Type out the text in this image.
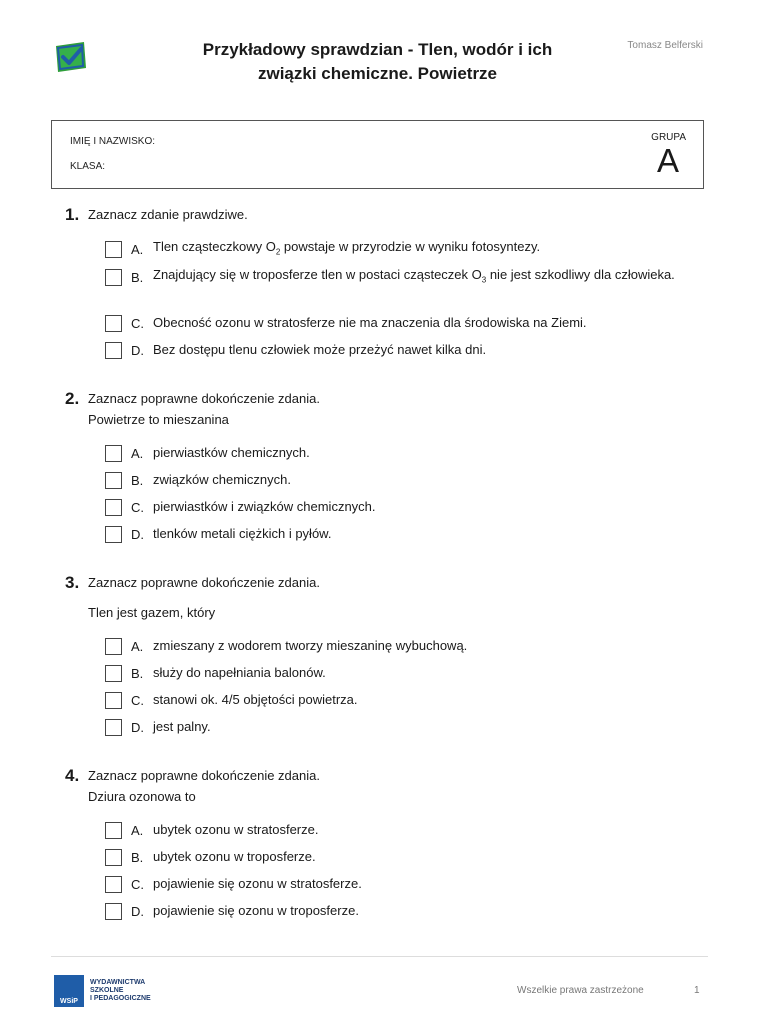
Przykładowy sprawdzian - Tlen, wodór i ich
związki chemiczne. Powietrze
Tomasz Belferski
IMIĘ I NAZWISKO:
KLASA:
GRUPA
A
1. Zaznacz zdanie prawdziwe.
A. Tlen cząsteczkowy $O_2$ powstaje w przyrodzie w wyniku fotosyntezy.
B. Znajdujący się w troposferze tlen w postaci cząsteczek $O_3$ nie jest szkodliwy dla człowieka.
C. Obecność ozonu w stratosferze nie ma znaczenia dla środowiska na Ziemi.
D. Bez dostępu tlenu człowiek może przeżyć nawet kilka dni.
2. Zaznacz poprawne dokończenie zdania.
Powietrze to mieszanina
A. pierwiastków chemicznych.
B. związków chemicznych.
C. pierwiastków i związków chemicznych.
D. tlenków metali ciężkich i pyłów.
3. Zaznacz poprawne dokończenie zdania.
Tlen jest gazem, który
A. zmieszany z wodorem tworzy mieszaninę wybuchową.
B. służy do napełniania balonów.
C. stanowi ok. 4/5 objętości powietrza.
D. jest palny.
4. Zaznacz poprawne dokończenie zdania.
Dziura ozonowa to
A. ubytek ozonu w stratosferze.
B. ubytek ozonu w troposferze.
C. pojawienie się ozonu w stratosferze.
D. pojawienie się ozonu w troposferze.
WSiP
WYDAWNICTWA
SZKOLNE
I PEDAGOGICZNE
Wszelkie prawa zastrzeżone	1
